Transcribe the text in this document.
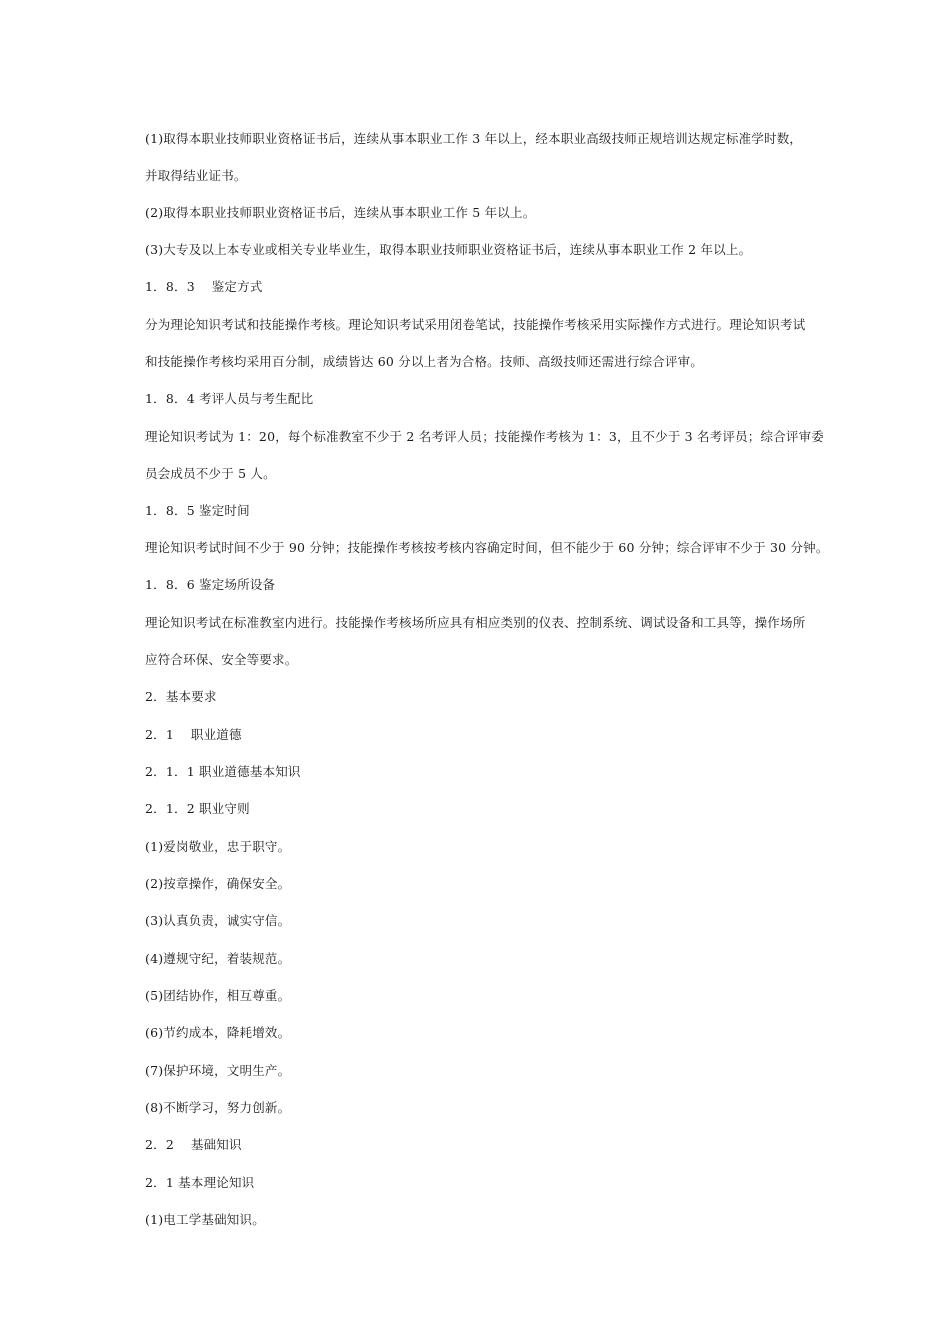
(1)取得本职业技师职业资格证书后，连续从事本职业工作 3 年以上，经本职业高级技师正规培训达规定标准学时数，
并取得结业证书。
(2)取得本职业技师职业资格证书后，连续从事本职业工作 5 年以上。
(3)大专及以上本专业或相关专业毕业生，取得本职业技师职业资格证书后，连续从事本职业工作 2 年以上。
1．8．3　 鉴定方式
分为理论知识考试和技能操作考核。理论知识考试采用闭卷笔试，技能操作考核采用实际操作方式进行。理论知识考试
和技能操作考核均采用百分制，成绩皆达 60 分以上者为合格。技师、高级技师还需进行综合评审。
1．8．4 考评人员与考生配比
理论知识考试为 1：20，每个标准教室不少于 2 名考评人员；技能操作考核为 1：3，且不少于 3 名考评员；综合评审委
员会成员不少于 5 人。
1．8．5 鉴定时间
理论知识考试时间不少于 90 分钟；技能操作考核按考核内容确定时间，但不能少于 60 分钟；综合评审不少于 30 分钟。
1．8．6 鉴定场所设备
理论知识考试在标准教室内进行。技能操作考核场所应具有相应类别的仪表、控制系统、调试设备和工具等，操作场所
应符合环保、安全等要求。
2．基本要求
2．1　 职业道德
2．1．1 职业道德基本知识
2．1．2 职业守则
(1)爱岗敬业，忠于职守。
(2)按章操作，确保安全。
(3)认真负责，诚实守信。
(4)遵规守纪，着装规范。
(5)团结协作，相互尊重。
(6)节约成本，降耗增效。
(7)保护环境，文明生产。
(8)不断学习，努力创新。
2．2　 基础知识
2．1 基本理论知识
(1)电工学基础知识。
